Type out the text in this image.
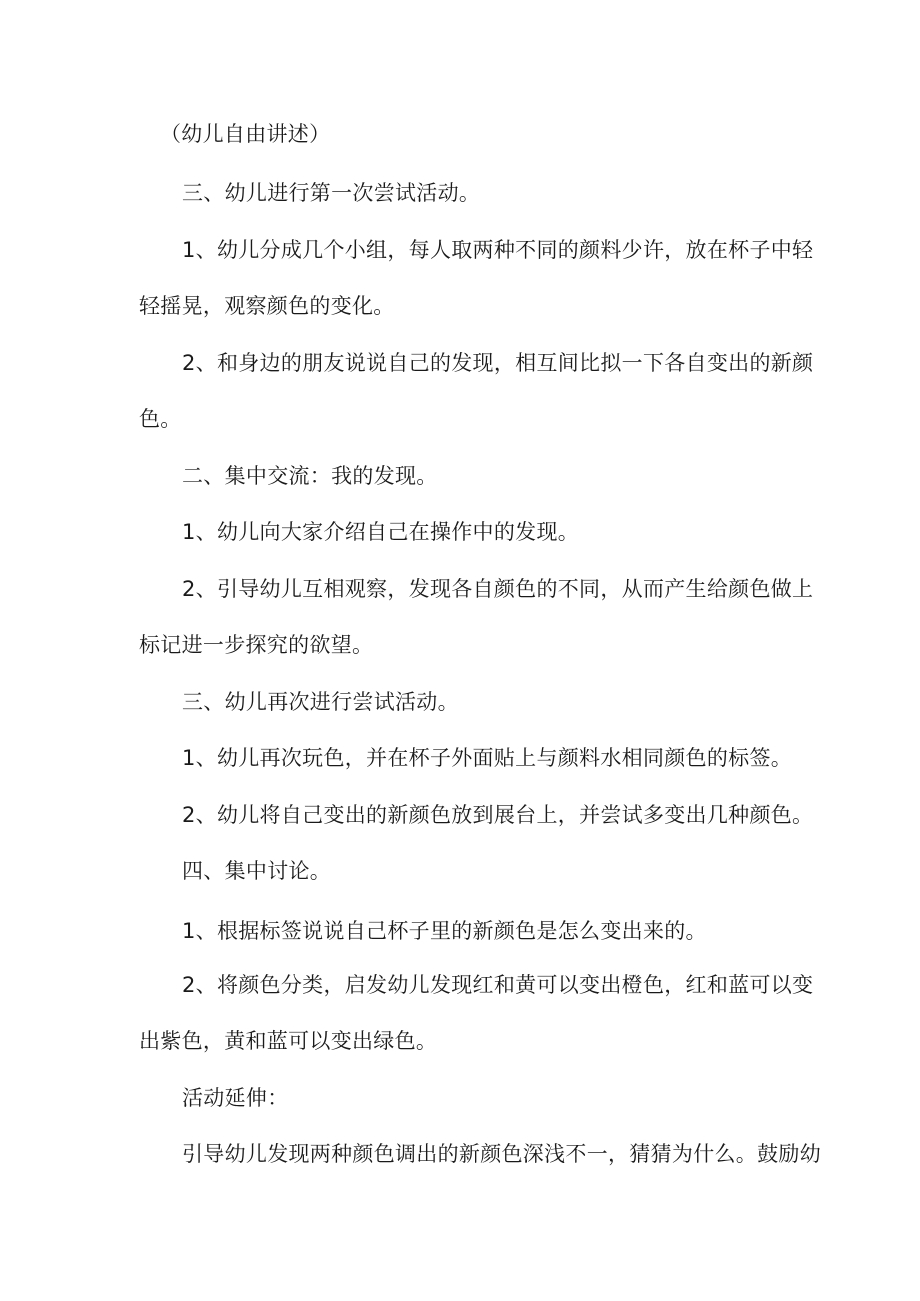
（幼儿自由讲述）

三、幼儿进行第一次尝试活动。

1、幼儿分成几个小组，每人取两种不同的颜料少许，放在杯子中轻

轻摇晃，观察颜色的变化。

2、和身边的朋友说说自己的发现，相互间比拟一下各自变出的新颜

色。

二、集中交流：我的发现。

1、幼儿向大家介绍自己在操作中的发现。

2、引导幼儿互相观察，发现各自颜色的不同，从而产生给颜色做上

标记进一步探究的欲望。

三、幼儿再次进行尝试活动。

1、幼儿再次玩色，并在杯子外面贴上与颜料水相同颜色的标签。

2、幼儿将自己变出的新颜色放到展台上，并尝试多变出几种颜色。

四、集中讨论。

1、根据标签说说自己杯子里的新颜色是怎么变出来的。

2、将颜色分类，启发幼儿发现红和黄可以变出橙色，红和蓝可以变

出紫色，黄和蓝可以变出绿色。

活动延伸：

引导幼儿发现两种颜色调出的新颜色深浅不一，猜猜为什么。鼓励幼
